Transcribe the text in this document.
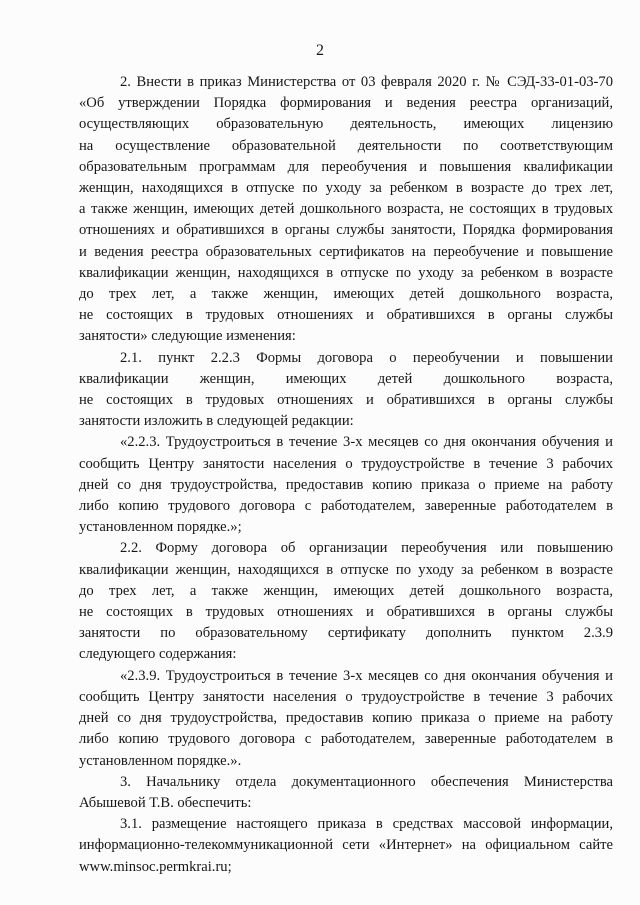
2
2. Внести в приказ Министерства от 03 февраля 2020 г. № СЭД-33-01-03-70
«Об утверждении Порядка формирования и ведения реестра организаций,
осуществляющих образовательную деятельность, имеющих лицензию
на осуществление образовательной деятельности по соответствующим
образовательным программам для переобучения и повышения квалификации
женщин, находящихся в отпуске по уходу за ребенком в возрасте до трех лет,
а также женщин, имеющих детей дошкольного возраста, не состоящих в трудовых
отношениях и обратившихся в органы службы занятости, Порядка формирования
и ведения реестра образовательных сертификатов на переобучение и повышение
квалификации женщин, находящихся в отпуске по уходу за ребенком в возрасте
до трех лет, а также женщин, имеющих детей дошкольного возраста,
не состоящих в трудовых отношениях и обратившихся в органы службы
занятости» следующие изменения:
2.1. пункт 2.2.3 Формы договора о переобучении и повышении
квалификации женщин, имеющих детей дошкольного возраста,
не состоящих в трудовых отношениях и обратившихся в органы службы
занятости изложить в следующей редакции:
«2.2.3. Трудоустроиться в течение 3-х месяцев со дня окончания обучения и
сообщить Центру занятости населения о трудоустройстве в течение 3 рабочих
дней со дня трудоустройства, предоставив копию приказа о приеме на работу
либо копию трудового договора с работодателем, заверенные работодателем в
установленном порядке.»;
2.2. Форму договора об организации переобучения или повышению
квалификации женщин, находящихся в отпуске по уходу за ребенком в возрасте
до трех лет, а также женщин, имеющих детей дошкольного возраста,
не состоящих в трудовых отношениях и обратившихся в органы службы
занятости по образовательному сертификату дополнить пунктом 2.3.9
следующего содержания:
«2.3.9. Трудоустроиться в течение 3-х месяцев со дня окончания обучения и
сообщить Центру занятости населения о трудоустройстве в течение 3 рабочих
дней со дня трудоустройства, предоставив копию приказа о приеме на работу
либо копию трудового договора с работодателем, заверенные работодателем в
установленном порядке.».
3. Начальнику отдела документационного обеспечения Министерства
Абышевой Т.В. обеспечить:
3.1. размещение настоящего приказа в средствах массовой информации,
информационно-телекоммуникационной сети «Интернет» на официальном сайте
www.minsoc.permkrai.ru;
